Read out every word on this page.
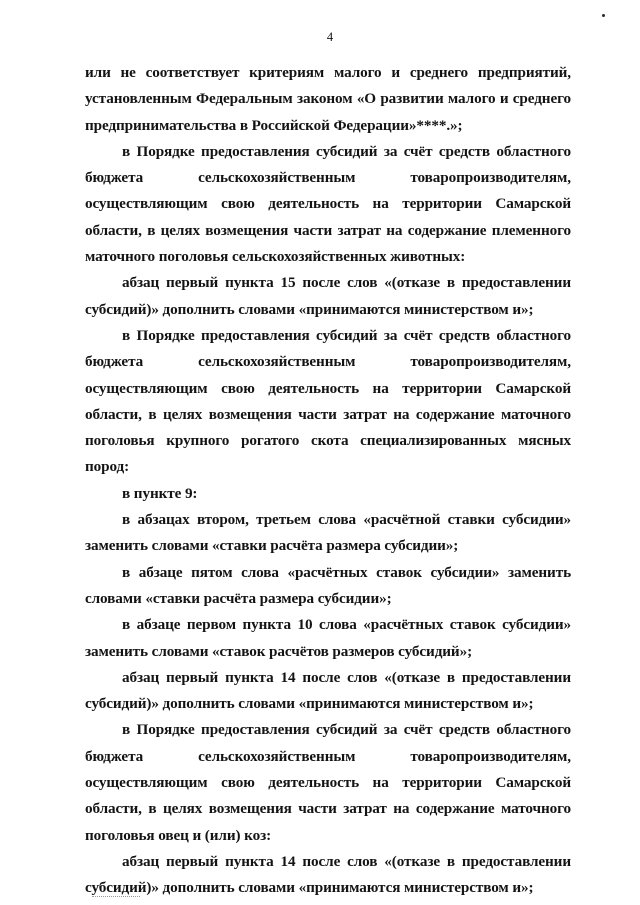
4

или не соответствует критериям малого и среднего предприятий, установленным Федеральным законом «О развитии малого и среднего предпринимательства в Российской Федерации»****.»;

в Порядке предоставления субсидий за счёт средств областного бюджета сельскохозяйственным товаропроизводителям, осуществляющим свою деятельность на территории Самарской области, в целях возмещения части затрат на содержание племенного маточного поголовья сельскохозяйственных животных:

абзац первый пункта 15 после слов «(отказе в предоставлении субсидий)» дополнить словами «принимаются министерством и»;

в Порядке предоставления субсидий за счёт средств областного бюджета сельскохозяйственным товаропроизводителям, осуществляющим свою деятельность на территории Самарской области, в целях возмещения части затрат на содержание маточного поголовья крупного рогатого скота специализированных мясных пород:

в пункте 9:

в абзацах втором, третьем слова «расчётной ставки субсидии» заменить словами «ставки расчёта размера субсидии»;

в абзаце пятом слова «расчётных ставок субсидии» заменить словами «ставки расчёта размера субсидии»;

в абзаце первом пункта 10 слова «расчётных ставок субсидии» заменить словами «ставок расчётов размеров субсидий»;

абзац первый пункта 14 после слов «(отказе в предоставлении субсидий)» дополнить словами «принимаются министерством и»;

в Порядке предоставления субсидий за счёт средств областного бюджета сельскохозяйственным товаропроизводителям, осуществляющим свою деятельность на территории Самарской области, в целях возмещения части затрат на содержание маточного поголовья овец и (или) коз:

абзац первый пункта 14 после слов «(отказе в предоставлении субсидий)» дополнить словами «принимаются министерством и»;
